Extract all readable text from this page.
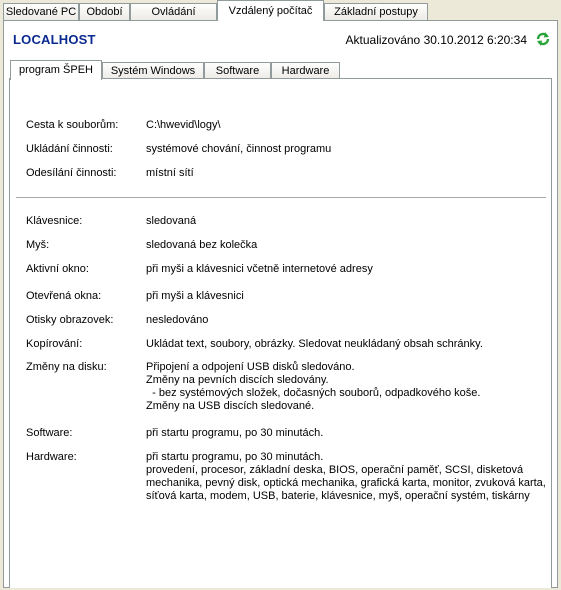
Sledované PC Období	Ovládání	Vzdálený počítač	Základní postupy
LOCALHOST	Aktualizováno 30.10.2012 6:20:34
program ŠPEH	Systém Windows	Software	Hardware
Cesta k souborům:	C:\hwevid\logy\
Ukládání činnosti:	systémové chování, činnost programu
Odesílání činnosti:	místní sítí
Klávesnice:	sledovaná
Myš:	sledovaná bez kolečka
Aktivní okno:	při myši a klávesnici včetně internetové adresy
Otevřená okna:	při myši a klávesnici
Otisky obrazovek:	nesledováno
Kopírování:	Ukládat text, soubory, obrázky. Sledovat neukládaný obsah schránky.
Změny na disku:	Připojení a odpojení USB disků sledováno.
Změny na pevních discích sledovány.
- bez systémových složek, dočasných souborů, odpadkového koše.
Změny na USB discích sledované.
Software:	při startu programu, po 30 minutách.
Hardware:	při startu programu, po 30 minutách.
provedení, procesor, základní deska, BIOS, operační paměť, SCSI, disketová
mechanika, pevný disk, optická mechanika, grafická karta, monitor, zvuková karta,
síťová karta, modem, USB, baterie, klávesnice, myš, operační systém, tiskárny
